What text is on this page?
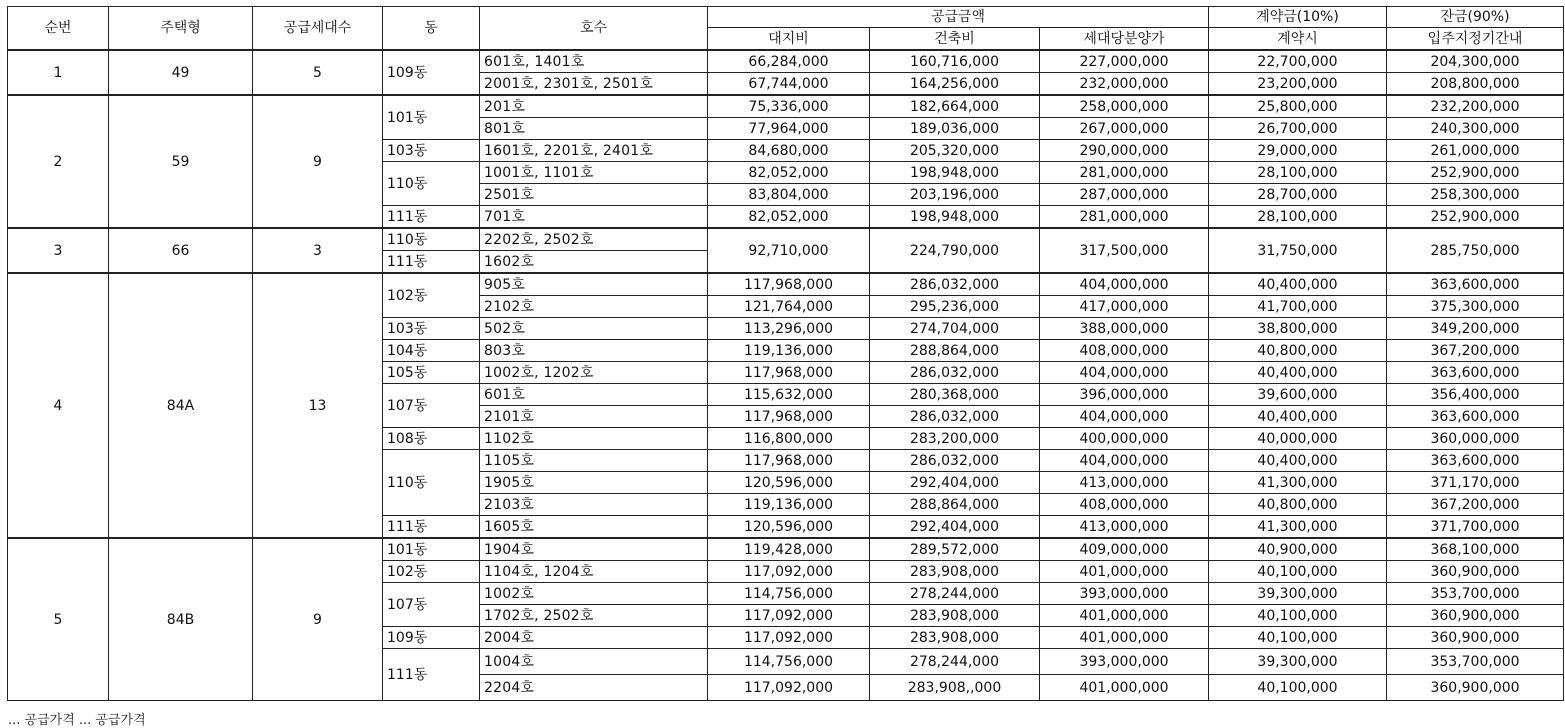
순번	주택형	공급세대수	동	호수	공급금액			계약금(10%)	잔금(90%)
					대지비	건축비	세대당분양가	계약시	입주지정기간내
1	49	5	109동	601호, 1401호	66,284,000	160,716,000	227,000,000	22,700,000	204,300,000
				2001호, 2301호, 2501호	67,744,000	164,256,000	232,000,000	23,200,000	208,800,000
2	59	9	101동	201호	75,336,000	182,664,000	258,000,000	25,800,000	232,200,000
				801호	77,964,000	189,036,000	267,000,000	26,700,000	240,300,000
			103동	1601호, 2201호, 2401호	84,680,000	205,320,000	290,000,000	29,000,000	261,000,000
			110동	1001호, 1101호	82,052,000	198,948,000	281,000,000	28,100,000	252,900,000
				2501호	83,804,000	203,196,000	287,000,000	28,700,000	258,300,000
			111동	701호	82,052,000	198,948,000	281,000,000	28,100,000	252,900,000
3	66	3	110동	2202호, 2502호	92,710,000	224,790,000	317,500,000	31,750,000	285,750,000
			111동	1602호					
4	84A	13	102동	905호	117,968,000	286,032,000	404,000,000	40,400,000	363,600,000
				2102호	121,764,000	295,236,000	417,000,000	41,700,000	375,300,000
			103동	502호	113,296,000	274,704,000	388,000,000	38,800,000	349,200,000
			104동	803호	119,136,000	288,864,000	408,000,000	40,800,000	367,200,000
			105동	1002호, 1202호	117,968,000	286,032,000	404,000,000	40,400,000	363,600,000
			107동	601호	115,632,000	280,368,000	396,000,000	39,600,000	356,400,000
				2101호	117,968,000	286,032,000	404,000,000	40,400,000	363,600,000
			108동	1102호	116,800,000	283,200,000	400,000,000	40,000,000	360,000,000
			110동	1105호	117,968,000	286,032,000	404,000,000	40,400,000	363,600,000
				1905호	120,596,000	292,404,000	413,000,000	41,300,000	371,170,000
				2103호	119,136,000	288,864,000	408,000,000	40,800,000	367,200,000
			111동	1605호	120,596,000	292,404,000	413,000,000	41,300,000	371,700,000
5	84B	9	101동	1904호	119,428,000	289,572,000	409,000,000	40,900,000	368,100,000
			102동	1104호, 1204호	117,092,000	283,908,000	401,000,000	40,100,000	360,900,000
			107동	1002호	114,756,000	278,244,000	393,000,000	39,300,000	353,700,000
				1702호, 2502호	117,092,000	283,908,000	401,000,000	40,100,000	360,900,000
			109동	2004호	117,092,000	283,908,000	401,000,000	40,100,000	360,900,000
			111동	1004호	114,756,000	278,244,000	393,000,000	39,300,000	353,700,000
				2204호	117,092,000	283,908,,000	401,000,000	40,100,000	360,900,000
... 공급가격 ... 공급가격
